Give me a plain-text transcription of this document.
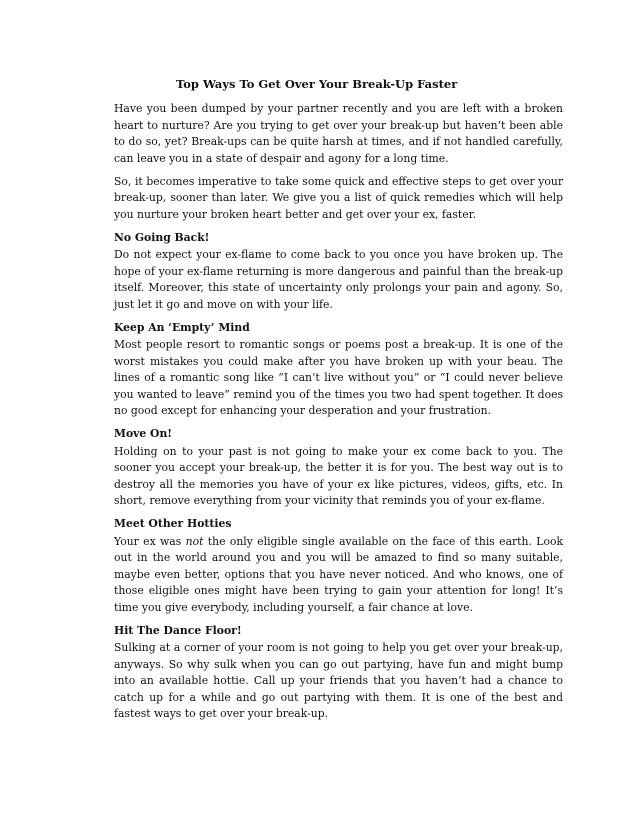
Top Ways To Get Over Your Break-Up Faster

Have you been dumped by your partner recently and you are left with a broken heart to nurture? Are you trying to get over your break-up but haven’t been able to do so, yet? Break-ups can be quite harsh at times, and if not handled carefully, can leave you in a state of despair and agony for a long time.

So, it becomes imperative to take some quick and effective steps to get over your break-up, sooner than later. We give you a list of quick remedies which will help you nurture your broken heart better and get over your ex, faster.

No Going Back!

Do not expect your ex-flame to come back to you once you have broken up. The hope of your ex-flame returning is more dangerous and painful than the break-up itself. Moreover, this state of uncertainty only prolongs your pain and agony. So, just let it go and move on with your life.

Keep An ‘Empty’ Mind

Most people resort to romantic songs or poems post a break-up. It is one of the worst mistakes you could make after you have broken up with your beau. The lines of a romantic song like “I can’t live without you” or “I could never believe you wanted to leave” remind you of the times you two had spent together. It does no good except for enhancing your desperation and your frustration.

Move On!

Holding on to your past is not going to make your ex come back to you. The sooner you accept your break-up, the better it is for you. The best way out is to destroy all the memories you have of your ex like pictures, videos, gifts, etc. In short, remove everything from your vicinity that reminds you of your ex-flame.

Meet Other Hotties

Your ex was not the only eligible single available on the face of this earth. Look out in the world around you and you will be amazed to find so many suitable, maybe even better, options that you have never noticed. And who knows, one of those eligible ones might have been trying to gain your attention for long! It’s time you give everybody, including yourself, a fair chance at love.

Hit The Dance Floor!

Sulking at a corner of your room is not going to help you get over your break-up, anyways. So why sulk when you can go out partying, have fun and might bump into an available hottie. Call up your friends that you haven’t had a chance to catch up for a while and go out partying with them. It is one of the best and fastest ways to get over your break-up.
